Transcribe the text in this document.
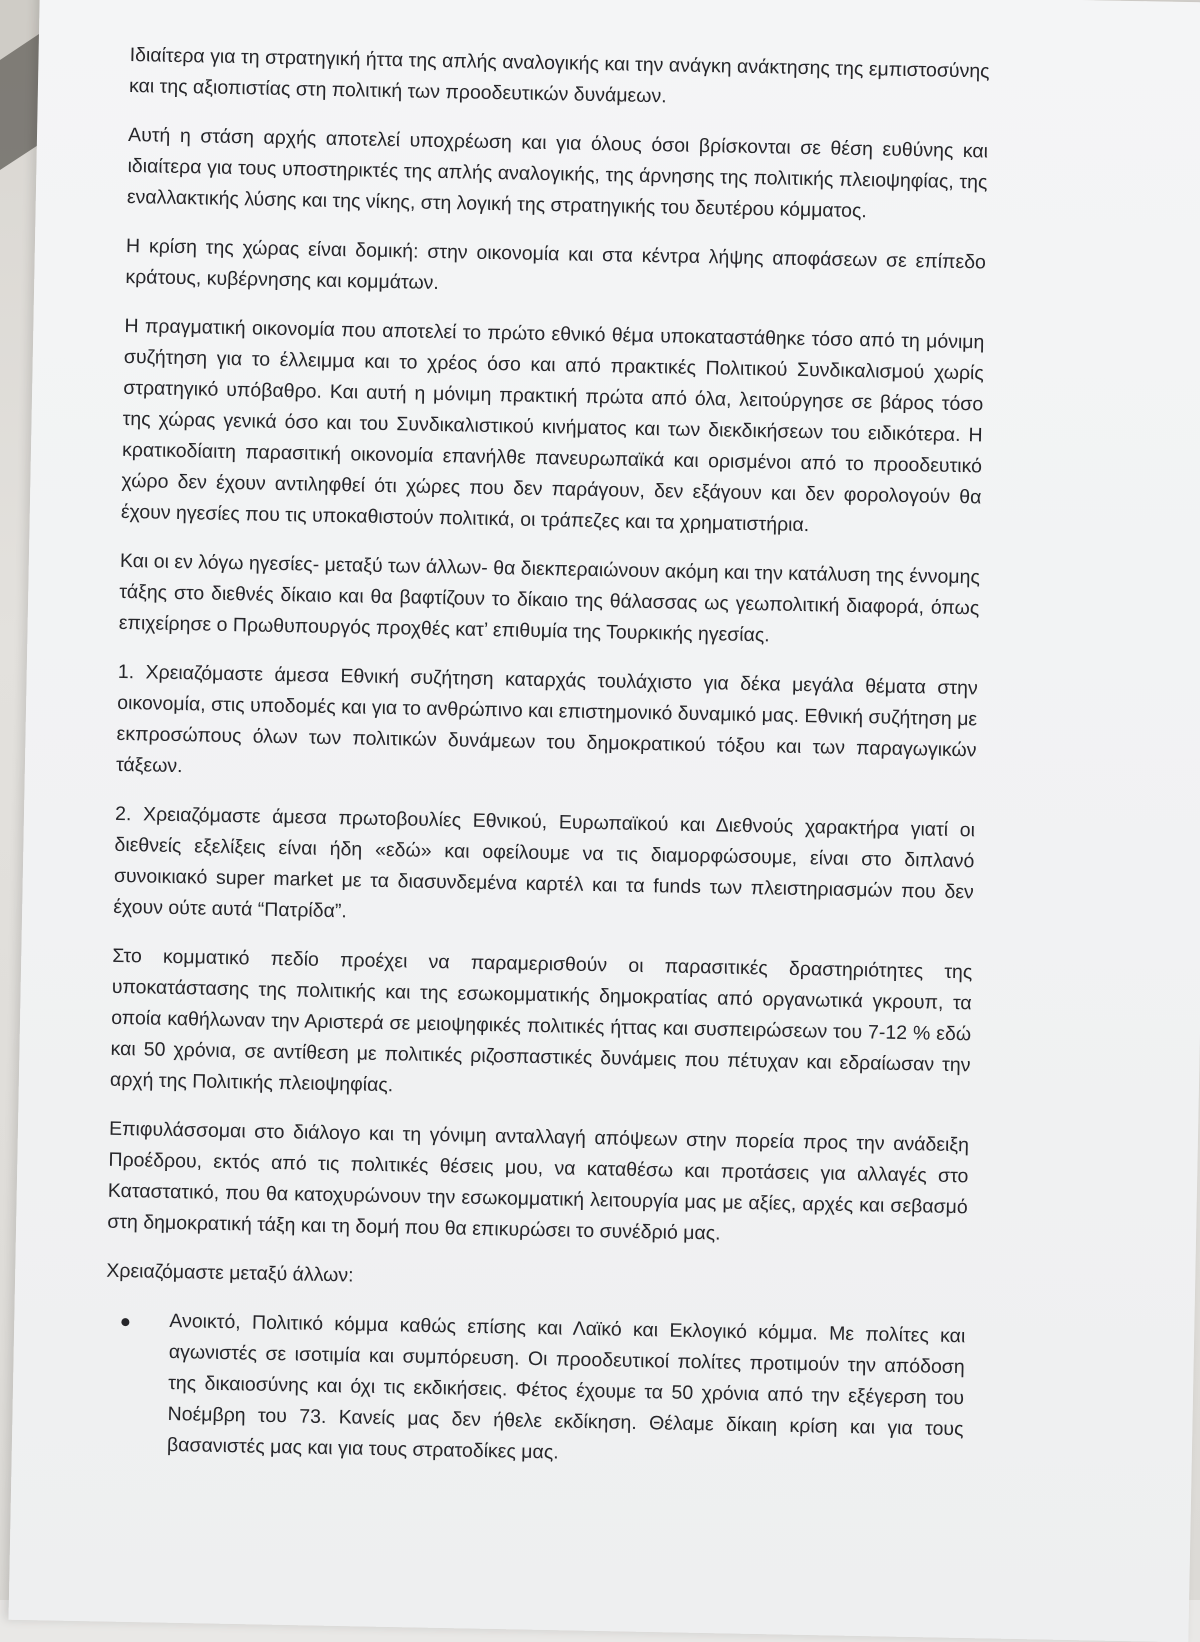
Ιδιαίτερα για τη στρατηγική ήττα της απλής αναλογικής και την ανάγκη ανάκτησης της εμπιστοσύνης και της αξιοπιστίας στη πολιτική των προοδευτικών δυνάμεων.

Αυτή η στάση αρχής αποτελεί υποχρέωση και για όλους όσοι βρίσκονται σε θέση ευθύνης και ιδιαίτερα για τους υποστηρικτές της απλής αναλογικής, της άρνησης της πολιτικής πλειοψηφίας, της εναλλακτικής λύσης και της νίκης, στη λογική της στρατηγικής του δευτέρου κόμματος.

Η κρίση της χώρας είναι δομική: στην οικονομία και στα κέντρα λήψης αποφάσεων σε επίπεδο κράτους, κυβέρνησης και κομμάτων.

Η πραγματική οικονομία που αποτελεί το πρώτο εθνικό θέμα υποκαταστάθηκε τόσο από τη μόνιμη συζήτηση για το έλλειμμα και το χρέος όσο και από πρακτικές Πολιτικού Συνδικαλισμού χωρίς στρατηγικό υπόβαθρο. Και αυτή η μόνιμη πρακτική πρώτα από όλα, λειτούργησε σε βάρος τόσο της χώρας γενικά όσο και του Συνδικαλιστικού κινήματος και των διεκδικήσεων του ειδικότερα. Η κρατικοδίαιτη παρασιτική οικονομία επανήλθε πανευρωπαϊκά και ορισμένοι από το προοδευτικό χώρο δεν έχουν αντιληφθεί ότι χώρες που δεν παράγουν, δεν εξάγουν και δεν φορολογούν θα έχουν ηγεσίες που τις υποκαθιστούν πολιτικά, οι τράπεζες και τα χρηματιστήρια.

Και οι εν λόγω ηγεσίες- μεταξύ των άλλων- θα διεκπεραιώνουν ακόμη και την κατάλυση της έννομης τάξης στο διεθνές δίκαιο και θα βαφτίζουν το δίκαιο της θάλασσας ως γεωπολιτική διαφορά, όπως επιχείρησε ο Πρωθυπουργός προχθές κατ’ επιθυμία της Τουρκικής ηγεσίας.

1. Χρειαζόμαστε άμεσα Εθνική συζήτηση καταρχάς τουλάχιστο για δέκα μεγάλα θέματα στην οικονομία, στις υποδομές και για το ανθρώπινο και επιστημονικό δυναμικό μας. Εθνική συζήτηση με εκπροσώπους όλων των πολιτικών δυνάμεων του δημοκρατικού τόξου και των παραγωγικών τάξεων.

2. Χρειαζόμαστε άμεσα πρωτοβουλίες Εθνικού, Ευρωπαϊκού και Διεθνούς χαρακτήρα γιατί οι διεθνείς εξελίξεις είναι ήδη «εδώ» και οφείλουμε να τις διαμορφώσουμε, είναι στο διπλανό συνοικιακό super market με τα διασυνδεμένα καρτέλ και τα funds των πλειστηριασμών που δεν έχουν ούτε αυτά “Πατρίδα”.

Στο κομματικό πεδίο προέχει να παραμερισθούν οι παρασιτικές δραστηριότητες της υποκατάστασης της πολιτικής και της εσωκομματικής δημοκρατίας από οργανωτικά γκρουπ, τα οποία καθήλωναν την Αριστερά σε μειοψηφικές πολιτικές ήττας και συσπειρώσεων του 7-12 % εδώ και 50 χρόνια, σε αντίθεση με πολιτικές ριζοσπαστικές δυνάμεις που πέτυχαν και εδραίωσαν την αρχή της Πολιτικής πλειοψηφίας.

Επιφυλάσσομαι στο διάλογο και τη γόνιμη ανταλλαγή απόψεων στην πορεία προς την ανάδειξη Προέδρου, εκτός από τις πολιτικές θέσεις μου, να καταθέσω και προτάσεις για αλλαγές στο Καταστατικό, που θα κατοχυρώνουν την εσωκομματική λειτουργία μας με αξίες, αρχές και σεβασμό στη δημοκρατική τάξη και τη δομή που θα επικυρώσει το συνέδριό μας.

Χρειαζόμαστε μεταξύ άλλων:

Ανοικτό, Πολιτικό κόμμα καθώς επίσης και Λαϊκό και Εκλογικό κόμμα. Με πολίτες και αγωνιστές σε ισοτιμία και συμπόρευση. Οι προοδευτικοί πολίτες προτιμούν την απόδοση της δικαιοσύνης και όχι τις εκδικήσεις. Φέτος έχουμε τα 50 χρόνια από την εξέγερση του Νοέμβρη του 73. Κανείς μας δεν ήθελε εκδίκηση. Θέλαμε δίκαιη κρίση και για τους βασανιστές μας και για τους στρατοδίκες μας.
